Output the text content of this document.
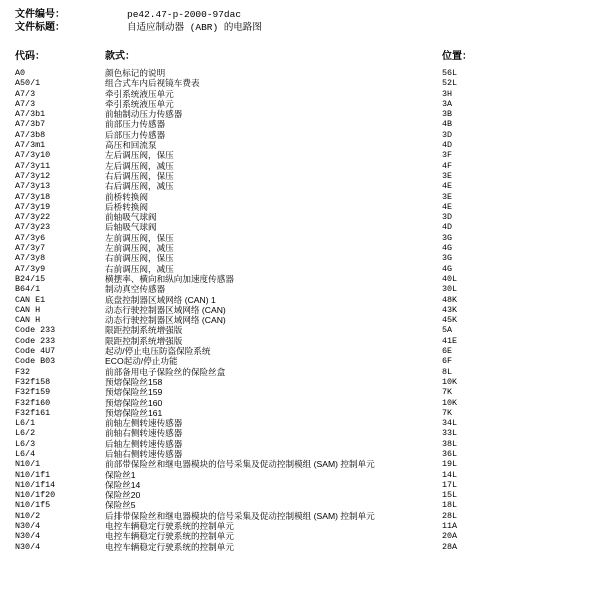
文件编号：	pe42.47-p-2000-97dac
文件标题：	自适应制动器 (ABR) 的电路图
代码：	款式：	位置：
A0	颜色标记的说明	56L
A50/1	组合式车内后视镜车费表	52L
A7/3	牵引系统液压单元	3H
A7/3	牵引系统液压单元	3A
A7/3b1	前轴制动压力传感器	3B
A7/3b7	前部压力传感器	4B
A7/3b8	后部压力传感器	3D
A7/3m1	高压和回流泵	4D
A7/3y10	左后调压阀，保压	3F
A7/3y11	左后调压阀，减压	4F
A7/3y12	右后调压阀，保压	3E
A7/3y13	右后调压阀，减压	4E
A7/3y18	前桥转换阀	3E
A7/3y19	后桥转换阀	4E
A7/3y22	前轴吸气球阀	3D
A7/3y23	后轴吸气球阀	4D
A7/3y6	左前调压阀，保压	3G
A7/3y7	左前调压阀，减压	4G
A7/3y8	右前调压阀，保压	3G
A7/3y9	右前调压阀，减压	4G
B24/15	横摆率、横向和纵向加速度传感器	40L
B64/1	制动真空传感器	30L
CAN E1	底盘控制器区域网络 (CAN) 1	48K
CAN H	动态行驶控制器区域网络 (CAN)	43K
CAN H	动态行驶控制器区域网络 (CAN)	45K
Code 233	限距控制系统增强版	5A
Code 233	限距控制系统增强版	41E
Code 4U7	起动/停止电压防盗保险系统	6E
Code B03	ECO起动/停止功能	6F
F32	前部备用电子保险丝的保险丝盒	8L
F32f158	预熔保险丝158	10K
F32f159	预熔保险丝159	7K
F32f160	预熔保险丝160	10K
F32f161	预熔保险丝161	7K
L6/1	前轴左侧转速传感器	34L
L6/2	前轴右侧转速传感器	33L
L6/3	后轴左侧转速传感器	38L
L6/4	后轴右侧转速传感器	36L
N10/1	前部带保险丝和继电器模块的信号采集及促动控制模组 (SAM) 控制单元	19L
N10/1f1	保险丝1	14L
N10/1f14	保险丝14	17L
N10/1f20	保险丝20	15L
N10/1f5	保险丝5	18L
N10/2	后排带保险丝和继电器模块的信号采集及促动控制模组 (SAM) 控制单元	28L
N30/4	电控车辆稳定行驶系统的控制单元	11A
N30/4	电控车辆稳定行驶系统的控制单元	20A
N30/4	电控车辆稳定行驶系统的控制单元	28A
